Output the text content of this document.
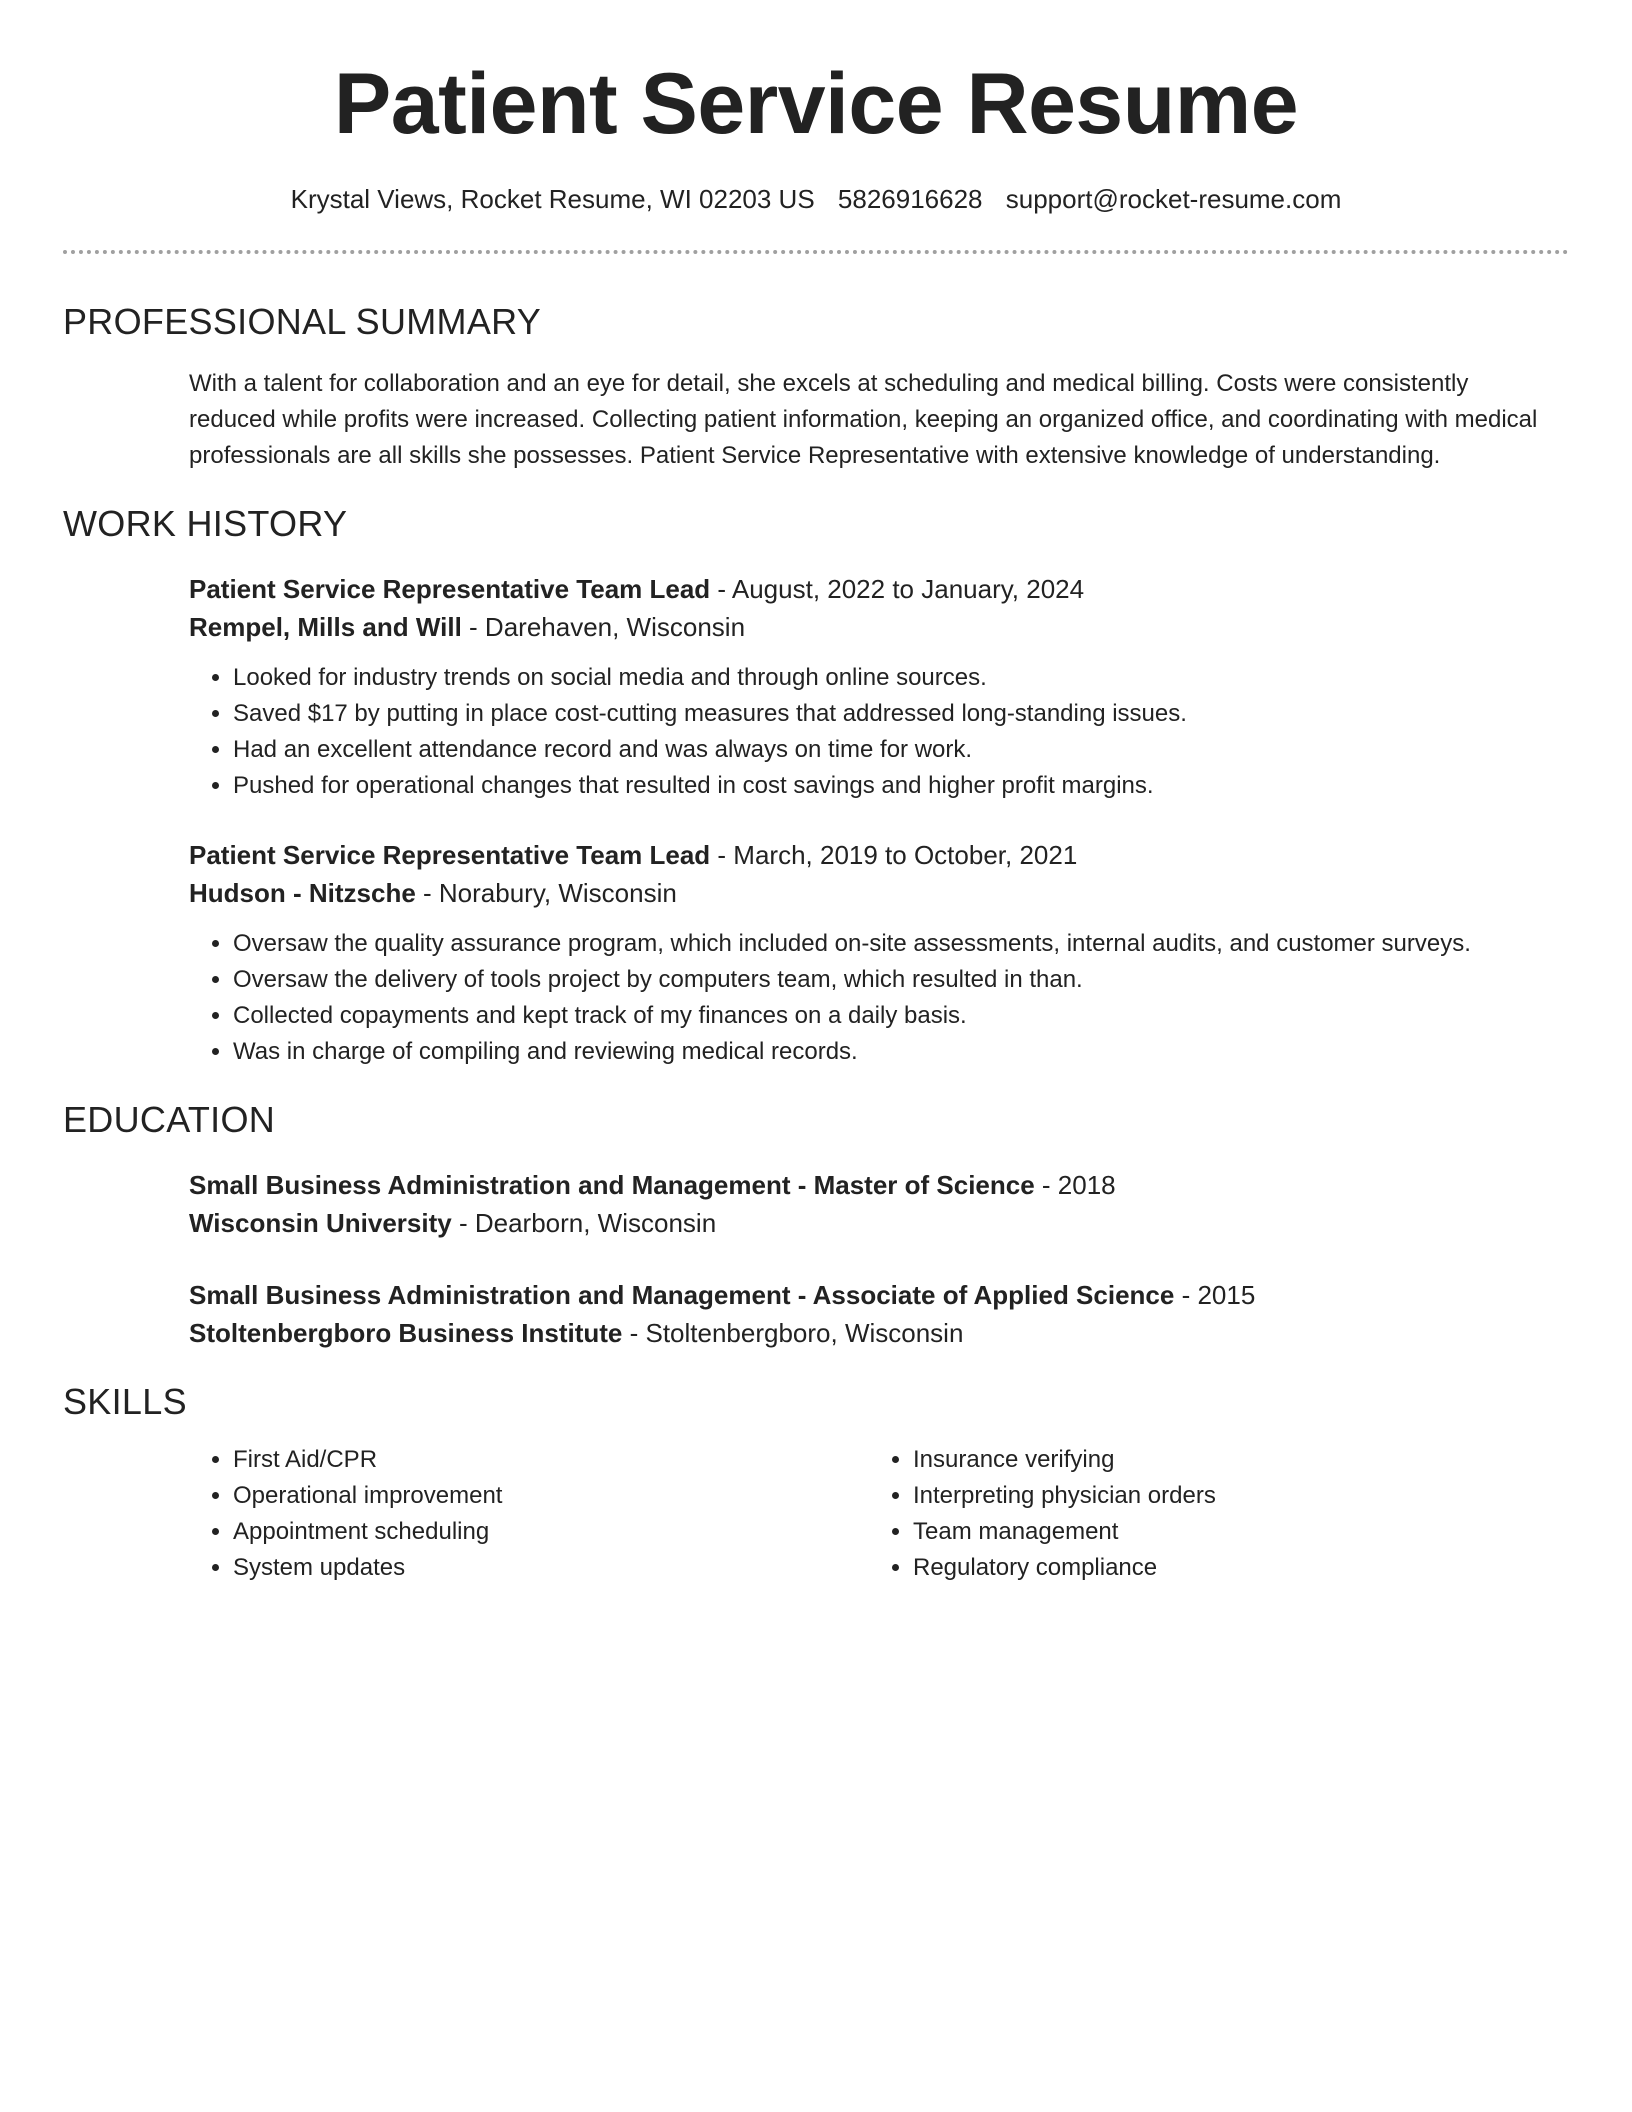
Patient Service Resume
Krystal Views, Rocket Resume, WI 02203 US 5826916628 support@rocket-resume.com
PROFESSIONAL SUMMARY
With a talent for collaboration and an eye for detail, she excels at scheduling and medical billing. Costs were consistently reduced while profits were increased. Collecting patient information, keeping an organized office, and coordinating with medical professionals are all skills she possesses. Patient Service Representative with extensive knowledge of understanding.
WORK HISTORY
Patient Service Representative Team Lead - August, 2022 to January, 2024
Rempel, Mills and Will - Darehaven, Wisconsin
• Looked for industry trends on social media and through online sources.
• Saved $17 by putting in place cost-cutting measures that addressed long-standing issues.
• Had an excellent attendance record and was always on time for work.
• Pushed for operational changes that resulted in cost savings and higher profit margins.
Patient Service Representative Team Lead - March, 2019 to October, 2021
Hudson - Nitzsche - Norabury, Wisconsin
• Oversaw the quality assurance program, which included on-site assessments, internal audits, and customer surveys.
• Oversaw the delivery of tools project by computers team, which resulted in than.
• Collected copayments and kept track of my finances on a daily basis.
• Was in charge of compiling and reviewing medical records.
EDUCATION
Small Business Administration and Management - Master of Science - 2018
Wisconsin University - Dearborn, Wisconsin
Small Business Administration and Management - Associate of Applied Science - 2015
Stoltenbergboro Business Institute - Stoltenbergboro, Wisconsin
SKILLS
• First Aid/CPR
• Operational improvement
• Appointment scheduling
• System updates
• Insurance verifying
• Interpreting physician orders
• Team management
• Regulatory compliance
